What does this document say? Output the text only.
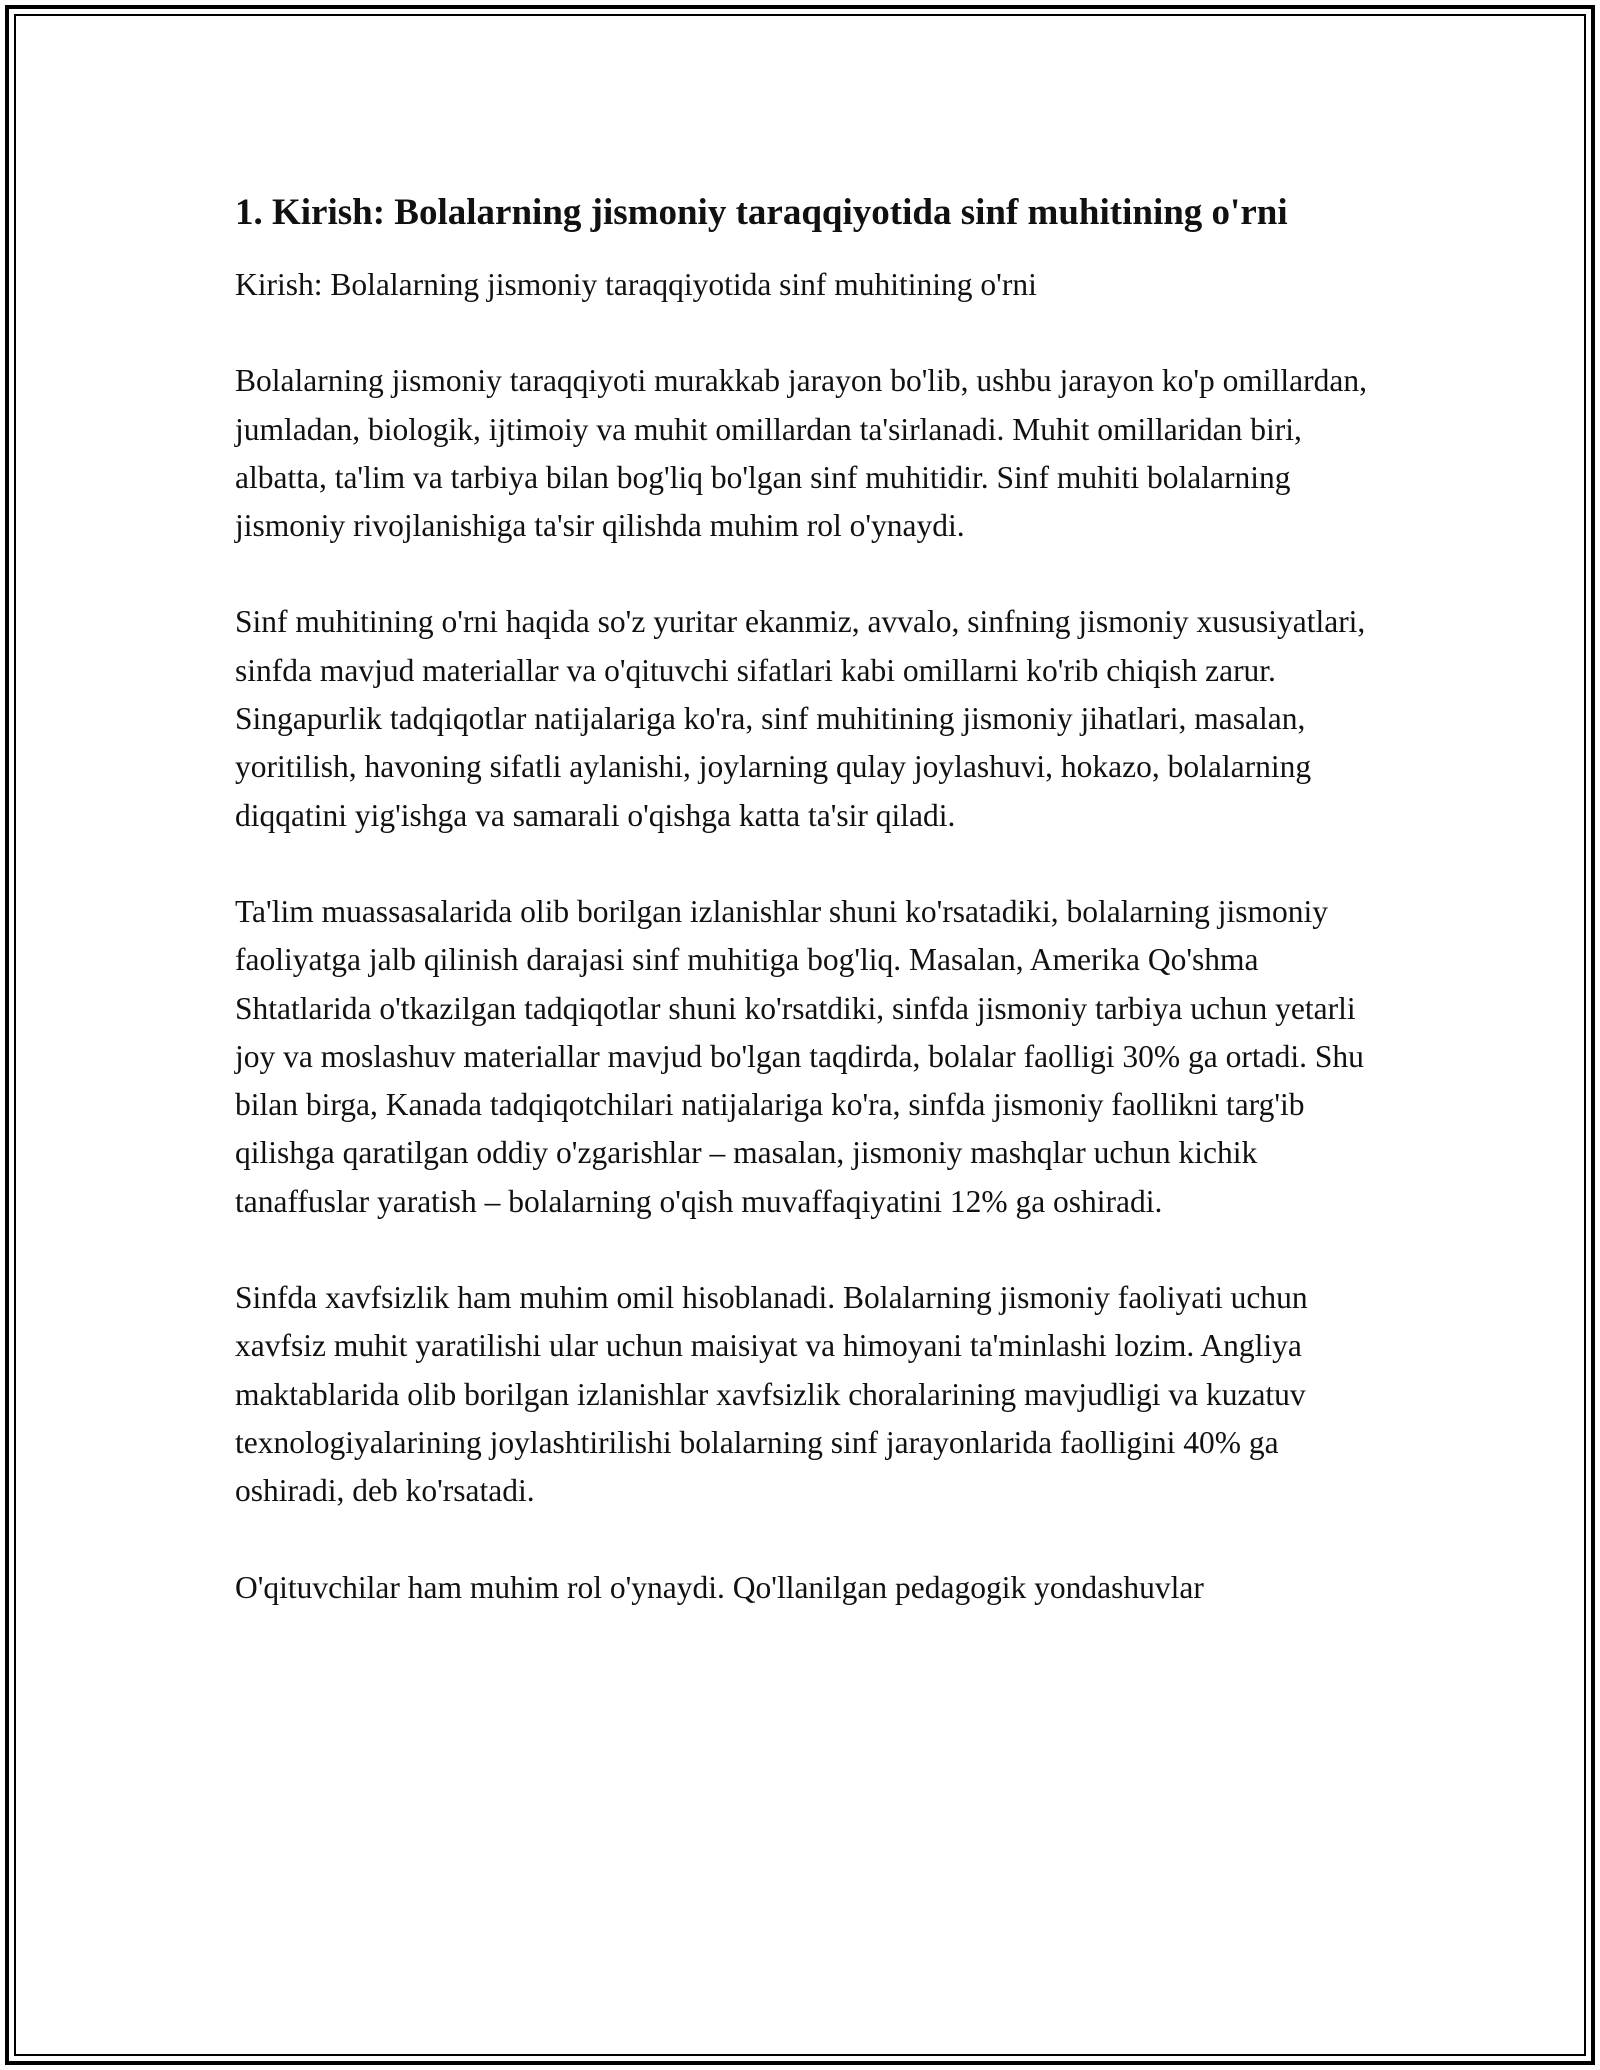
1. Kirish: Bolalarning jismoniy taraqqiyotida sinf muhitining o'rni

Kirish: Bolalarning jismoniy taraqqiyotida sinf muhitining o'rni

Bolalarning jismoniy taraqqiyoti murakkab jarayon bo'lib, ushbu jarayon ko'p omillardan, jumladan, biologik, ijtimoiy va muhit omillardan ta'sirlanadi. Muhit omillaridan biri, albatta, ta'lim va tarbiya bilan bog'liq bo'lgan sinf muhitidir. Sinf muhiti bolalarning jismoniy rivojlanishiga ta'sir qilishda muhim rol o'ynaydi.

Sinf muhitining o'rni haqida so'z yuritar ekanmiz, avvalo, sinfning jismoniy xususiyatlari, sinfda mavjud materiallar va o'qituvchi sifatlari kabi omillarni ko'rib chiqish zarur. Singapurlik tadqiqotlar natijalariga ko'ra, sinf muhitining jismoniy jihatlari, masalan, yoritilish, havoning sifatli aylanishi, joylarning qulay joylashuvi, hokazo, bolalarning diqqatini yig'ishga va samarali o'qishga katta ta'sir qiladi.

Ta'lim muassasalarida olib borilgan izlanishlar shuni ko'rsatadiki, bolalarning jismoniy faoliyatga jalb qilinish darajasi sinf muhitiga bog'liq. Masalan, Amerika Qo'shma Shtatlarida o'tkazilgan tadqiqotlar shuni ko'rsatdiki, sinfda jismoniy tarbiya uchun yetarli joy va moslashuv materiallar mavjud bo'lgan taqdirda, bolalar faolligi 30% ga ortadi. Shu bilan birga, Kanada tadqiqotchilari natijalariga ko'ra, sinfda jismoniy faollikni targ'ib qilishga qaratilgan oddiy o'zgarishlar – masalan, jismoniy mashqlar uchun kichik tanaffuslar yaratish – bolalarning o'qish muvaffaqiyatini 12% ga oshiradi.

Sinfda xavfsizlik ham muhim omil hisoblanadi. Bolalarning jismoniy faoliyati uchun xavfsiz muhit yaratilishi ular uchun maisiyat va himoyani ta'minlashi lozim. Angliya maktablarida olib borilgan izlanishlar xavfsizlik choralarining mavjudligi va kuzatuv texnologiyalarining joylashtirilishi bolalarning sinf jarayonlarida faolligini 40% ga oshiradi, deb ko'rsatadi.

O'qituvchilar ham muhim rol o'ynaydi. Qo'llanilgan pedagogik yondashuvlar
